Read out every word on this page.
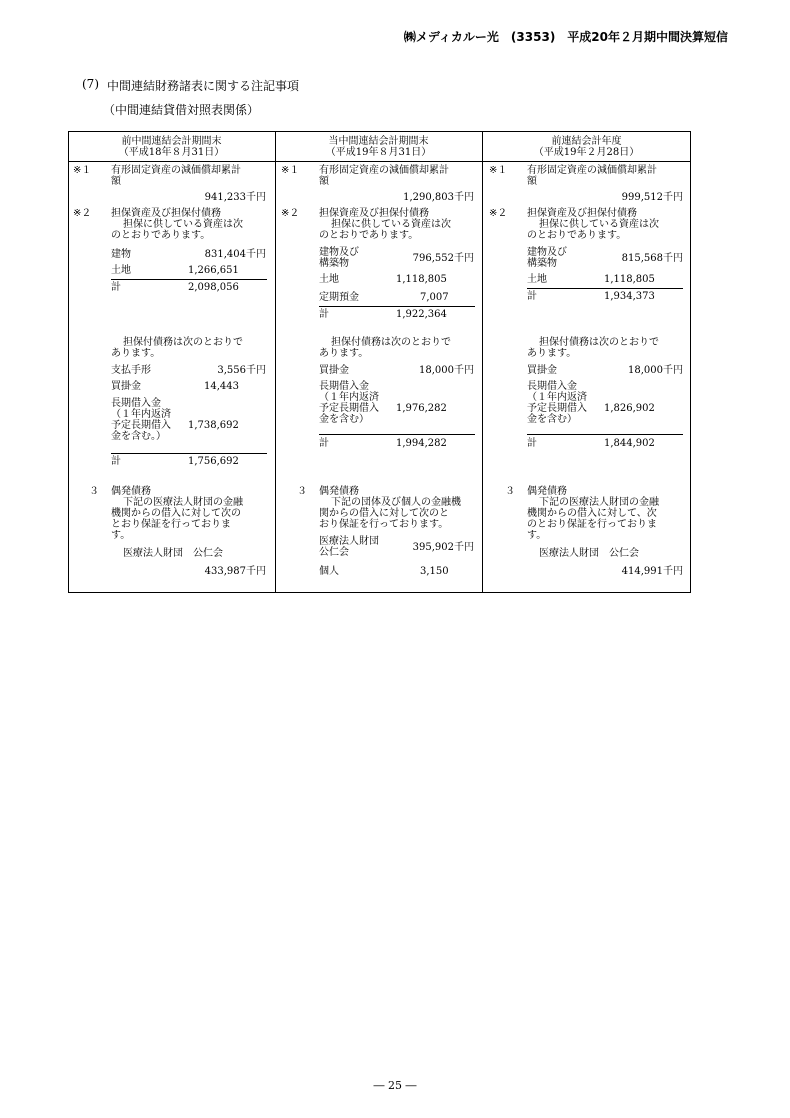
㈱メディカルー光　(3353)　平成20年２月期中間決算短信
(7) 中間連結財務諸表に関する注記事項
（中間連結貸借対照表関係）
前中間連結会計期間末
（平成18年８月31日）
当中間連結会計期間末
（平成19年８月31日）
前連結会計年度
（平成19年２月28日）
※１ 有形固定資産の減価償却累計
額
941,233千円
※２ 担保資産及び担保付債務
担保に供している資産は次
のとおりであります。
建物	831,404千円
土地	1,266,651
計	2,098,056
担保付債務は次のとおりで
あります。
支払手形	3,556千円
買掛金	14,443
長期借入金
（１年内返済
予定長期借入
金を含む。）
1,738,692
計	1,756,692
３ 偶発債務
下記の医療法人財団の金融
機関からの借入に対して次の
とおり保証を行っておりま
す。
医療法人財団　公仁会
433,987千円
※１ 有形固定資産の減価償却累計
額
1,290,803千円
※２ 担保資産及び担保付債務
担保に供している資産は次
のとおりであります。
建物及び
構築物	796,552千円
土地	1,118,805
定期預金	7,007
計	1,922,364
担保付債務は次のとおりで
あります。
買掛金	18,000千円
長期借入金
（１年内返済
予定長期借入
金を含む）
1,976,282
計	1,994,282
３ 偶発債務
下記の団体及び個人の金融機
関からの借入に対して次のと
おり保証を行っております。
医療法人財団
公仁会	395,902千円
個人	3,150
※１ 有形固定資産の減価償却累計
額
999,512千円
※２ 担保資産及び担保付債務
担保に供している資産は次
のとおりであります。
建物及び
構築物	815,568千円
土地	1,118,805
計	1,934,373
担保付債務は次のとおりで
あります。
買掛金	18,000千円
長期借入金
（１年内返済
予定長期借入
金を含む）
1,826,902
計	1,844,902
３ 偶発債務
下記の医療法人財団の金融
機関からの借入に対して、次
のとおり保証を行っておりま
す。
医療法人財団　公仁会
414,991千円
― 25 ―
